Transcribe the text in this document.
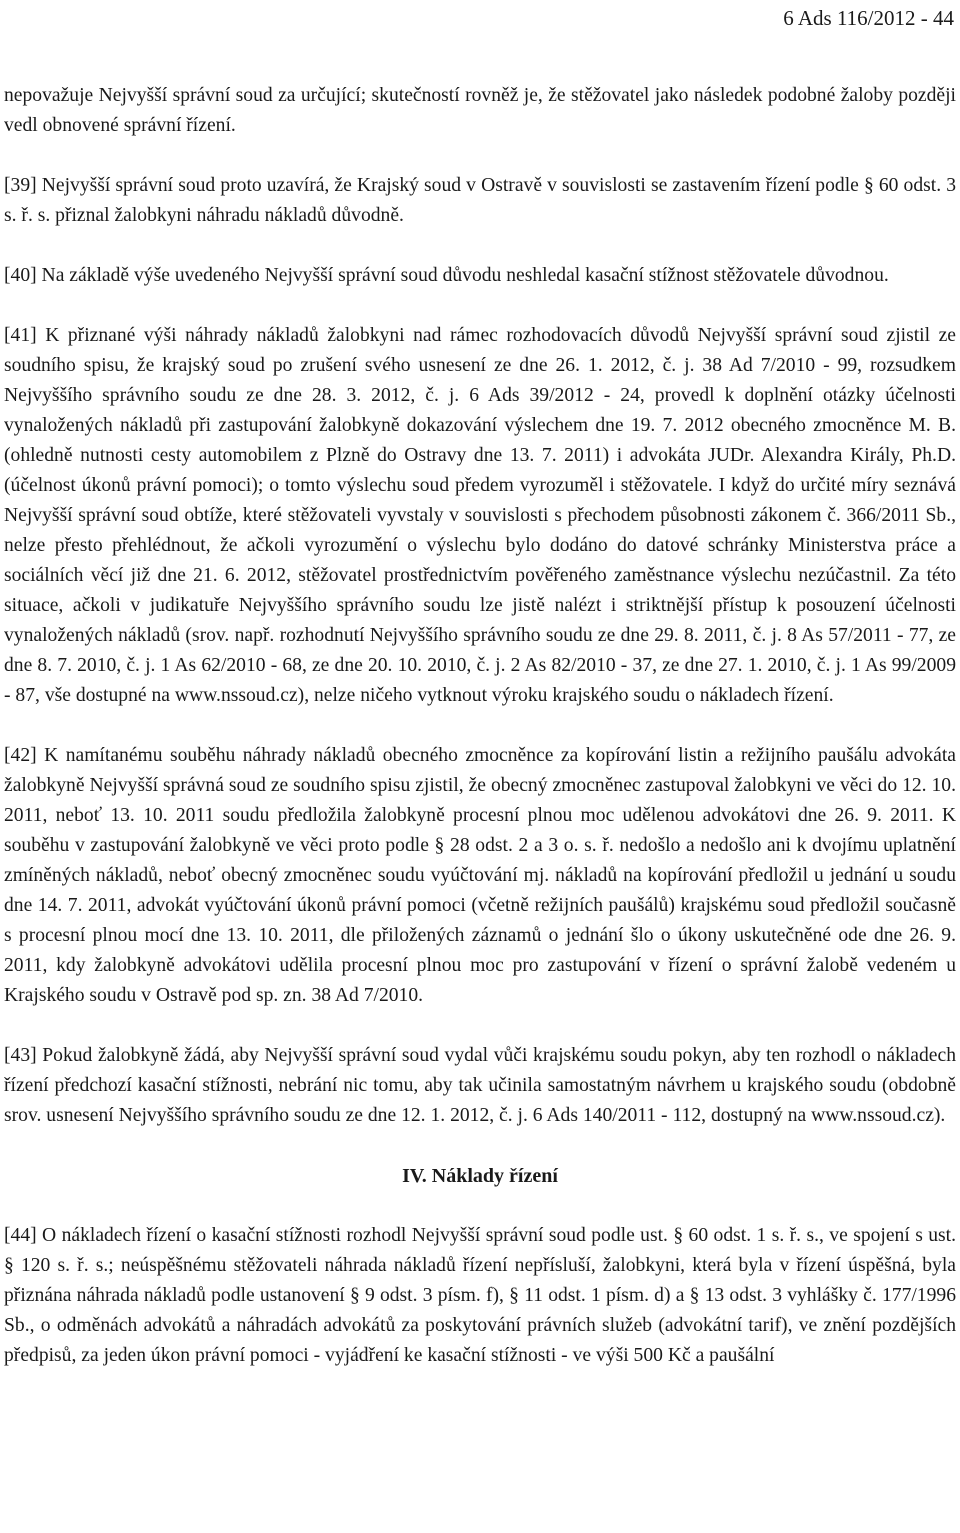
6 Ads 116/2012 - 44

nepovažuje Nejvyšší správní soud za určující; skutečností rovněž je, že stěžovatel jako následek podobné žaloby později vedl obnovené správní řízení.

[39] Nejvyšší správní soud proto uzavírá, že Krajský soud v Ostravě v souvislosti se zastavením řízení podle § 60 odst. 3 s. ř. s. přiznal žalobkyni náhradu nákladů důvodně.

[40] Na základě výše uvedeného Nejvyšší správní soud důvodu neshledal kasační stížnost stěžovatele důvodnou.

[41] K přiznané výši náhrady nákladů žalobkyni nad rámec rozhodovacích důvodů Nejvyšší správní soud zjistil ze soudního spisu, že krajský soud po zrušení svého usnesení ze dne 26. 1. 2012, č. j. 38 Ad 7/2010 - 99, rozsudkem Nejvyššího správního soudu ze dne 28. 3. 2012, č. j. 6 Ads 39/2012 - 24, provedl k doplnění otázky účelnosti vynaložených nákladů při zastupování žalobkyně dokazování výslechem dne 19. 7. 2012 obecného zmocněnce M. B. (ohledně nutnosti cesty automobilem z Plzně do Ostravy dne 13. 7. 2011) i advokáta JUDr. Alexandra Király, Ph.D. (účelnost úkonů právní pomoci); o tomto výslechu soud předem vyrozuměl i stěžovatele. I když do určité míry seznává Nejvyšší správní soud obtíže, které stěžovateli vyvstaly v souvislosti s přechodem působnosti zákonem č. 366/2011 Sb., nelze přesto přehlédnout, že ačkoli vyrozumění o výslechu bylo dodáno do datové schránky Ministerstva práce a sociálních věcí již dne 21. 6. 2012, stěžovatel prostřednictvím pověřeného zaměstnance výslechu nezúčastnil. Za této situace, ačkoli v judikatuře Nejvyššího správního soudu lze jistě nalézt i striktnější přístup k posouzení účelnosti vynaložených nákladů (srov. např. rozhodnutí Nejvyššího správního soudu ze dne 29. 8. 2011, č. j. 8 As 57/2011 - 77, ze dne 8. 7. 2010, č. j. 1 As 62/2010 - 68, ze dne 20. 10. 2010, č. j. 2 As 82/2010 - 37, ze dne 27. 1. 2010, č. j. 1 As 99/2009 - 87, vše dostupné na www.nssoud.cz), nelze ničeho vytknout výroku krajského soudu o nákladech řízení.

[42] K namítanému souběhu náhrady nákladů obecného zmocněnce za kopírování listin a režijního paušálu advokáta žalobkyně Nejvyšší správná soud ze soudního spisu zjistil, že obecný zmocněnec zastupoval žalobkyni ve věci do 12. 10. 2011, neboť 13. 10. 2011 soudu předložila žalobkyně procesní plnou moc udělenou advokátovi dne 26. 9. 2011. K souběhu v zastupování žalobkyně ve věci proto podle § 28 odst. 2 a 3 o. s. ř. nedošlo a nedošlo ani k dvojímu uplatnění zmíněných nákladů, neboť obecný zmocněnec soudu vyúčtování mj. nákladů na kopírování předložil u jednání u soudu dne 14. 7. 2011, advokát vyúčtování úkonů právní pomoci (včetně režijních paušálů) krajskému soud předložil současně s procesní plnou mocí dne 13. 10. 2011, dle přiložených záznamů o jednání šlo o úkony uskutečněné ode dne 26. 9. 2011, kdy žalobkyně advokátovi udělila procesní plnou moc pro zastupování v řízení o správní žalobě vedeném u Krajského soudu v Ostravě pod sp. zn. 38 Ad 7/2010.

[43] Pokud žalobkyně žádá, aby Nejvyšší správní soud vydal vůči krajskému soudu pokyn, aby ten rozhodl o nákladech řízení předchozí kasační stížnosti, nebrání nic tomu, aby tak učinila samostatným návrhem u krajského soudu (obdobně srov. usnesení Nejvyššího správního soudu ze dne 12. 1. 2012, č. j. 6 Ads 140/2011 - 112, dostupný na www.nssoud.cz).

IV. Náklady řízení

[44] O nákladech řízení o kasační stížnosti rozhodl Nejvyšší správní soud podle ust. § 60 odst. 1 s. ř. s., ve spojení s ust. § 120 s. ř. s.; neúspěšnému stěžovateli náhrada nákladů řízení nepřísluší, žalobkyni, která byla v řízení úspěšná, byla přiznána náhrada nákladů podle ustanovení § 9 odst. 3 písm. f), § 11 odst. 1 písm. d) a § 13 odst. 3 vyhlášky č. 177/1996 Sb., o odměnách advokátů a náhradách advokátů za poskytování právních služeb (advokátní tarif), ve znění pozdějších předpisů, za jeden úkon právní pomoci - vyjádření ke kasační stížnosti - ve výši 500 Kč a paušální
